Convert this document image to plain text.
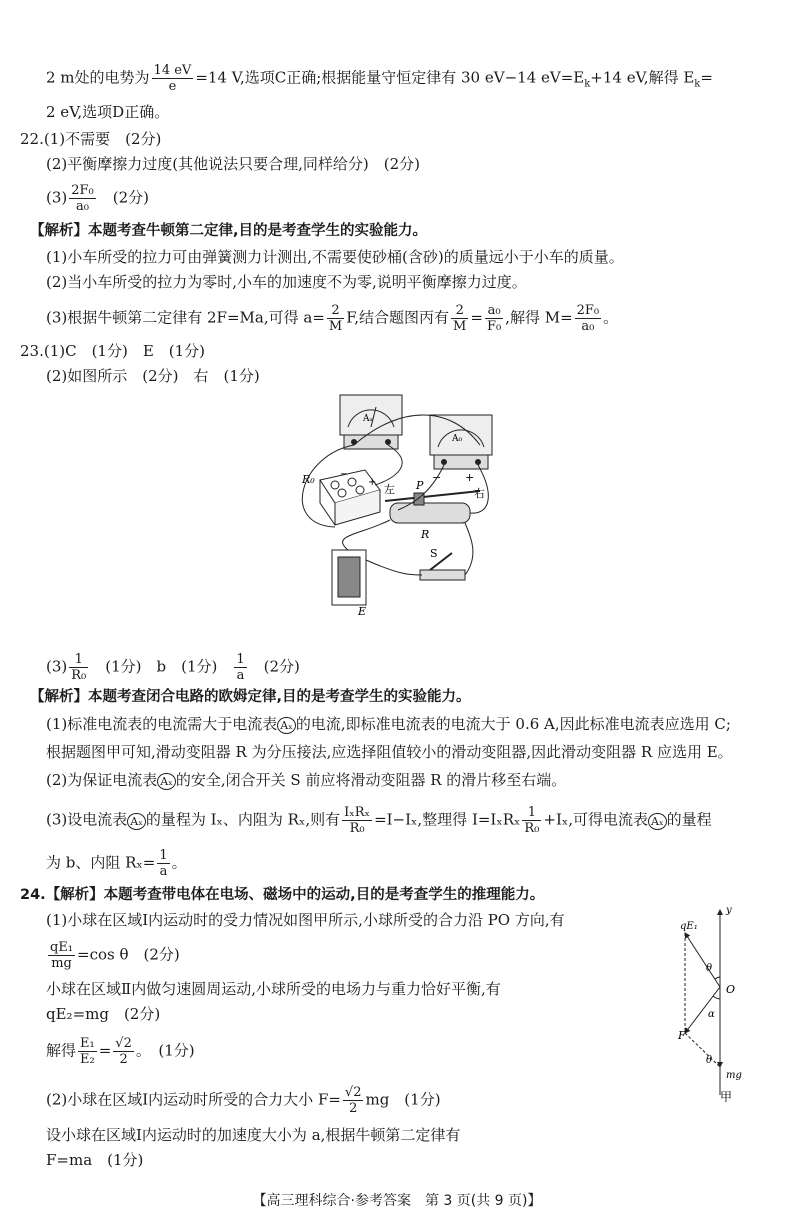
2 m处的电势为 $\frac{14 eV}{e} =14$ V,选项C正确;根据能量守恒定律有 30 eV−14 $eV=E_k+14$ eV,解得 $E_k=$
2 eV,选项D正确。
22.(1)不需要　(2分)
(2)平衡摩擦力过度(其他说法只要合理,同样给分)　(2分)
$(3) \frac{\text{2F₀}}{\text{a₀}}$ 　(2分)
【解析】本题考查牛顿第二定律,目的是考查学生的实验能力。
(1)小车所受的拉力可由弹簧测力计测出,不需要使砂桶(含砂)的质量远小于小车的质量。
(2)当小车所受的拉力为零时,小车的加速度不为零,说明平衡摩擦力过度。
(3)根据牛顿第二定律有 2F=Ma,可得 $a= \frac{2}{M} F$,结合题图丙有 $\frac{2}{M} = \frac{\text{a₀}}{\text{F₀}}$ ,解得 $M= \frac{\text{2F₀}}{\text{a₀}}$ 。
23.(1)C　(1分)　E　(1分)
(2)如图所示　(2分)　右　(1分)
Aₓ
A₀
− +
R₀	−
+
左 P
右
R
E
S
$(3) \frac{1}{\text{R₀}}$ 　(1分)　b　(1分)　 $\frac{1}{a}$ 　(2分)
【解析】本题考查闭合电路的欧姆定律,目的是考查学生的实验能力。
(1)标准电流表的电流需大于电流表 Aₓ 的电流,即标准电流表的电流大于 0.6 A,因此标准电流表应选用 C;
根据题图甲可知,滑动变阻器 R 为分压接法,应选择阻值较小的滑动变阻器,因此滑动变阻器 R 应选用 E。
(2)为保证电流表 Aₓ 的安全,闭合开关 S 前应将滑动变阻器 R 的滑片移至右端。
(3)设电流表 Aₓ 的量程为 Iₓ、内阻为 Rₓ,则有 $\frac{\text{IₓRₓ}}{\text{R₀}} =I-I_x$,整理得 $I=I_xR_x \frac{1}{\text{R₀}} +I_x$,可得电流表 Aₓ 的量程
为 b、内阻 $R_x= \frac{1}{a}$ 。
24.【解析】本题考查带电体在电场、磁场中的运动,目的是考查学生的推理能力。
(1)小球在区域Ⅰ内运动时的受力情况如图甲所示,小球所受的合力沿 PO 方向,有
$\frac{\text{qE₁}}{mg} =\cos$ θ　(2分)
小球在区域Ⅱ内做匀速圆周运动,小球所受的电场力与重力恰好平衡,有
qE₂=mg　(2分)
解得 $\frac{\text{E₁}}{\text{E₂}} = \frac{√2}{2}$ 。　(1分)
(2)小球在区域Ⅰ内运动时所受的合力大小 $F= \frac{√2}{2}$ mg　(1分)
设小球在区域Ⅰ内运动时的加速度大小为 a,根据牛顿第二定律有
F=ma　(1分)
y
qE₁
θ
O
α
F
θ
mg
甲
【高三理科综合·参考答案　第 3 页(共 9 页)】
